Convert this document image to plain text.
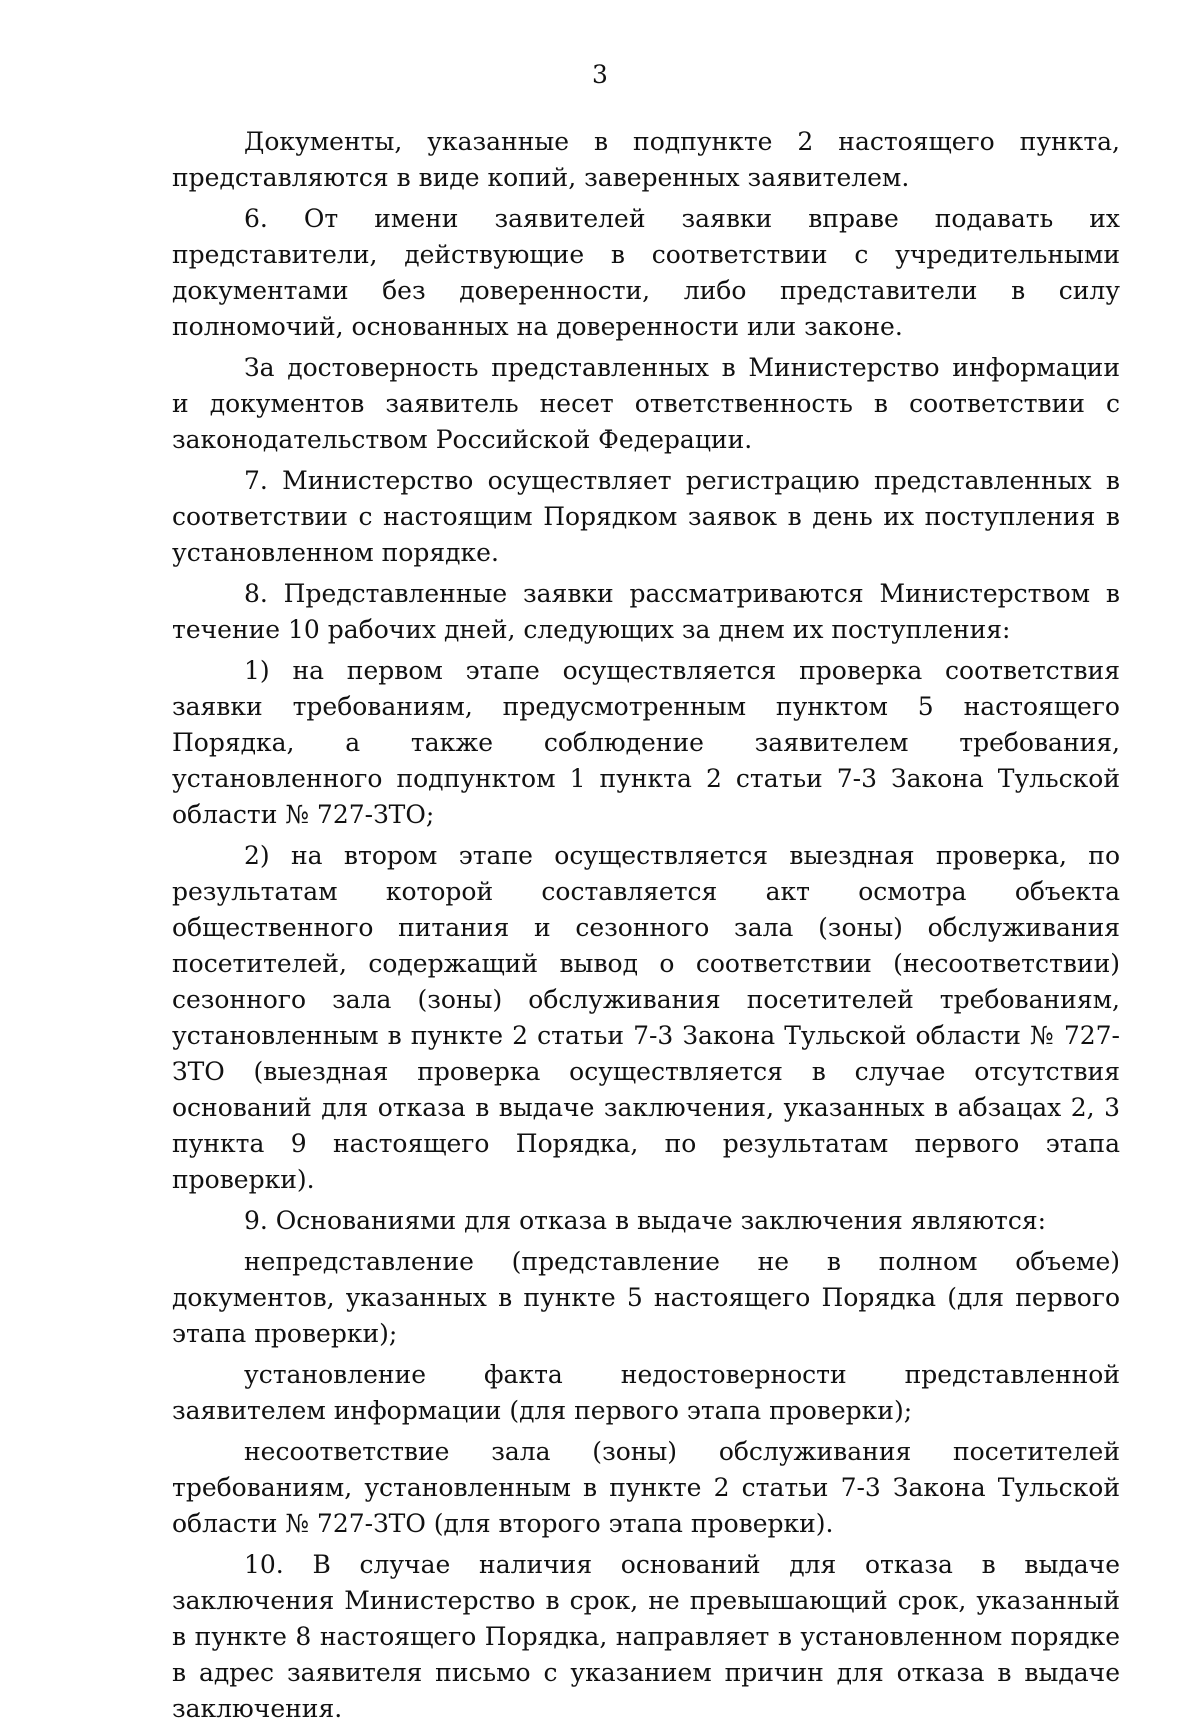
3

Документы, указанные в подпункте 2 настоящего пункта, представляются в виде копий, заверенных заявителем.

6. От имени заявителей заявки вправе подавать их представители, действующие в соответствии с учредительными документами без доверенности, либо представители в силу полномочий, основанных на доверенности или законе.

За достоверность представленных в Министерство информации и документов заявитель несет ответственность в соответствии с законодательством Российской Федерации.

7. Министерство осуществляет регистрацию представленных в соответствии с настоящим Порядком заявок в день их поступления в установленном порядке.

8. Представленные заявки рассматриваются Министерством в течение 10 рабочих дней, следующих за днем их поступления:

1) на первом этапе осуществляется проверка соответствия заявки требованиям, предусмотренным пунктом 5 настоящего Порядка, а также соблюдение заявителем требования, установленного подпунктом 1 пункта 2 статьи 7-3 Закона Тульской области № 727-ЗТО;

2) на втором этапе осуществляется выездная проверка, по результатам которой составляется акт осмотра объекта общественного питания и сезонного зала (зоны) обслуживания посетителей, содержащий вывод о соответствии (несоответствии) сезонного зала (зоны) обслуживания посетителей требованиям, установленным в пункте 2 статьи 7-3 Закона Тульской области № 727-ЗТО (выездная проверка осуществляется в случае отсутствия оснований для отказа в выдаче заключения, указанных в абзацах 2, 3 пункта 9 настоящего Порядка, по результатам первого этапа проверки).

9. Основаниями для отказа в выдаче заключения являются:

непредставление (представление не в полном объеме) документов, указанных в пункте 5 настоящего Порядка (для первого этапа проверки);

установление факта недостоверности представленной заявителем информации (для первого этапа проверки);

несоответствие зала (зоны) обслуживания посетителей требованиям, установленным в пункте 2 статьи 7-3 Закона Тульской области № 727-ЗТО (для второго этапа проверки).

10. В случае наличия оснований для отказа в выдаче заключения Министерство в срок, не превышающий срок, указанный в пункте 8 настоящего Порядка, направляет в установленном порядке в адрес заявителя письмо с указанием причин для отказа в выдаче заключения.
